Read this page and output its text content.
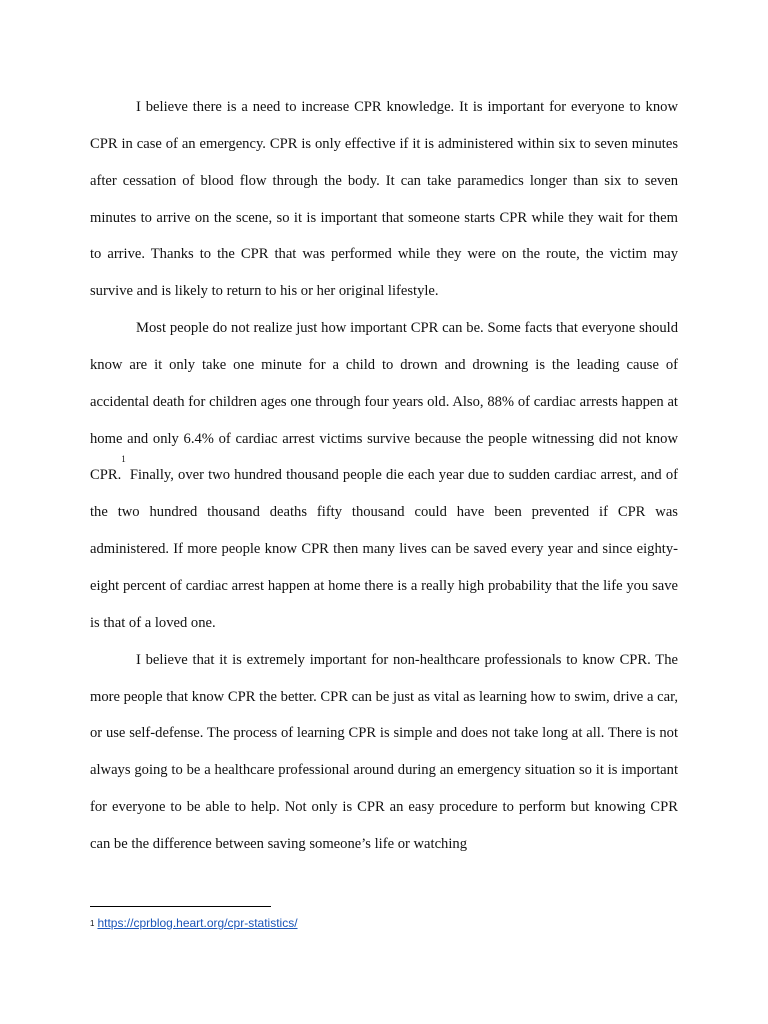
I believe there is a need to increase CPR knowledge. It is important for everyone to know CPR in case of an emergency. CPR is only effective if it is administered within six to seven minutes after cessation of blood flow through the body. It can take paramedics longer than six to seven minutes to arrive on the scene, so it is important that someone starts CPR while they wait for them to arrive. Thanks to the CPR that was performed while they were on the route, the victim may survive and is likely to return to his or her original lifestyle.

Most people do not realize just how important CPR can be. Some facts that everyone should know are it only take one minute for a child to drown and drowning is the leading cause of accidental death for children ages one through four years old. Also, 88% of cardiac arrests happen at home and only 6.4% of cardiac arrest victims survive because the people witnessing did not know CPR.$^1$ Finally, over two hundred thousand people die each year due to sudden cardiac arrest, and of the two hundred thousand deaths fifty thousand could have been prevented if CPR was administered. If more people know CPR then many lives can be saved every year and since eighty-eight percent of cardiac arrest happen at home there is a really high probability that the life you save is that of a loved one.

I believe that it is extremely important for non-healthcare professionals to know CPR. The more people that know CPR the better. CPR can be just as vital as learning how to swim, drive a car, or use self-defense. The process of learning CPR is simple and does not take long at all. There is not always going to be a healthcare professional around during an emergency situation so it is important for everyone to be able to help. Not only is CPR an easy procedure to perform but knowing CPR can be the difference between saving someone’s life or watching

$^1$ https://cprblog.heart.org/cpr-statistics/
